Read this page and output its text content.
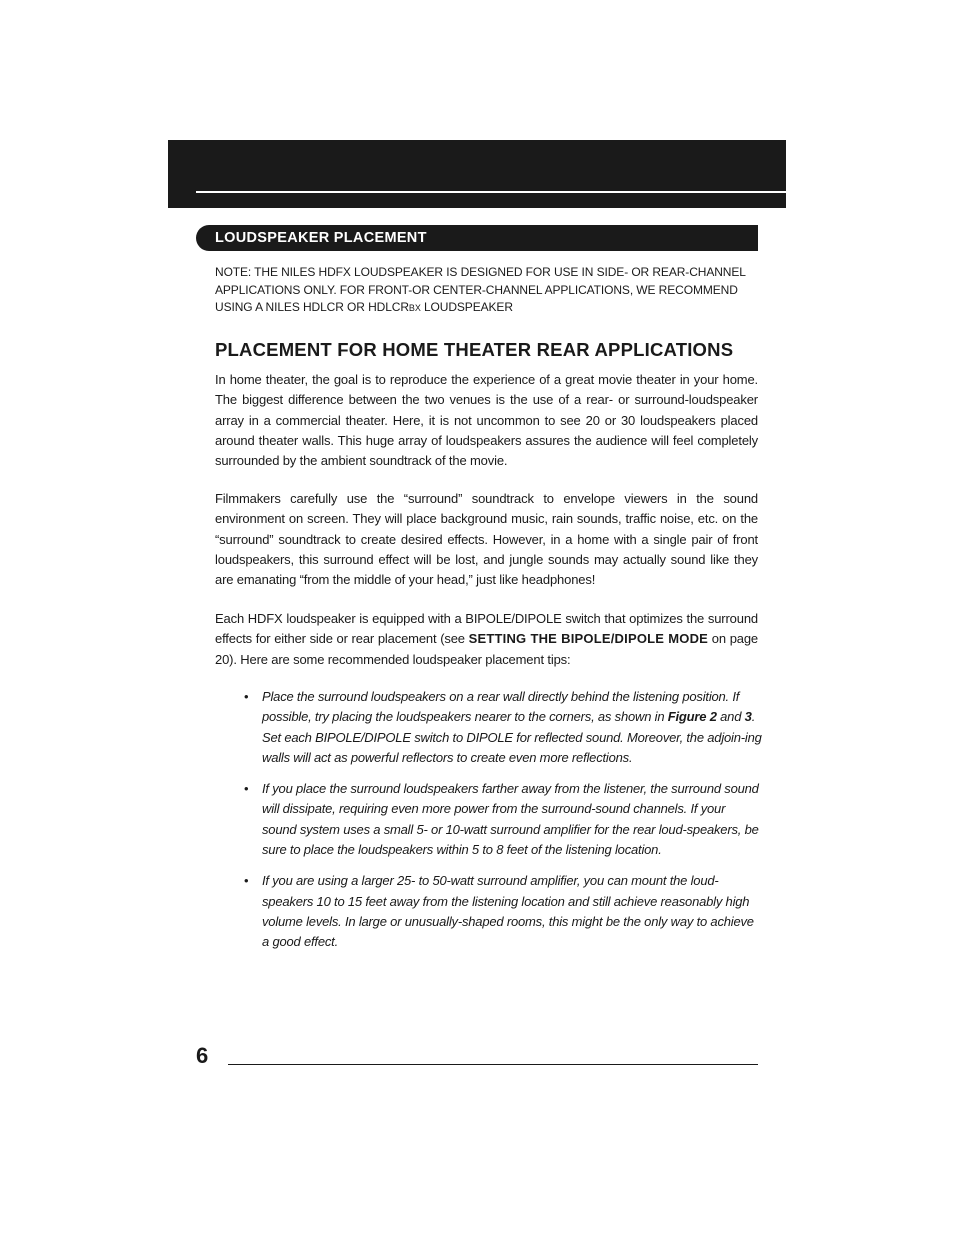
LOUDSPEAKER PLACEMENT
NOTE: THE NILES HDFX LOUDSPEAKER IS DESIGNED FOR USE IN SIDE- OR REAR-CHANNEL APPLICATIONS ONLY. FOR FRONT-OR CENTER-CHANNEL APPLICATIONS, WE RECOMMEND USING A NILES HDLCR OR HDLCRBX LOUDSPEAKER
PLACEMENT FOR HOME THEATER REAR APPLICATIONS

In home theater, the goal is to reproduce the experience of a great movie theater in your home. The biggest difference between the two venues is the use of a rear- or surround-loudspeaker array in a commercial theater. Here, it is not uncommon to see 20 or 30 loudspeakers placed around theater walls. This huge array of loudspeakers assures the audience will feel completely surrounded by the ambient soundtrack of the movie.

Filmmakers carefully use the “surround” soundtrack to envelope viewers in the sound environment on screen. They will place background music, rain sounds, traffic noise, etc. on the “surround” soundtrack to create desired effects. However, in a home with a single pair of front loudspeakers, this surround effect will be lost, and jungle sounds may actually sound like they are emanating “from the middle of your head,” just like headphones!

Each HDFX loudspeaker is equipped with a BIPOLE/DIPOLE switch that optimizes the surround effects for either side or rear placement (see SETTING THE BIPOLE/DIPOLE MODE on page 20). Here are some recommended loudspeaker placement tips:

• Place the surround loudspeakers on a rear wall directly behind the listening position. If possible, try placing the loudspeakers nearer to the corners, as shown in Figure 2 and 3. Set each BIPOLE/DIPOLE switch to DIPOLE for reflected sound. Moreover, the adjoin-ing walls will act as powerful reflectors to create even more reflections.
• If you place the surround loudspeakers farther away from the listener, the surround sound will dissipate, requiring even more power from the surround-sound channels. If your sound system uses a small 5- or 10-watt surround amplifier for the rear loud-speakers, be sure to place the loudspeakers within 5 to 8 feet of the listening location.
• If you are using a larger 25- to 50-watt surround amplifier, you can mount the loud-speakers 10 to 15 feet away from the listening location and still achieve reasonably high volume levels. In large or unusually-shaped rooms, this might be the only way to achieve a good effect.
6
